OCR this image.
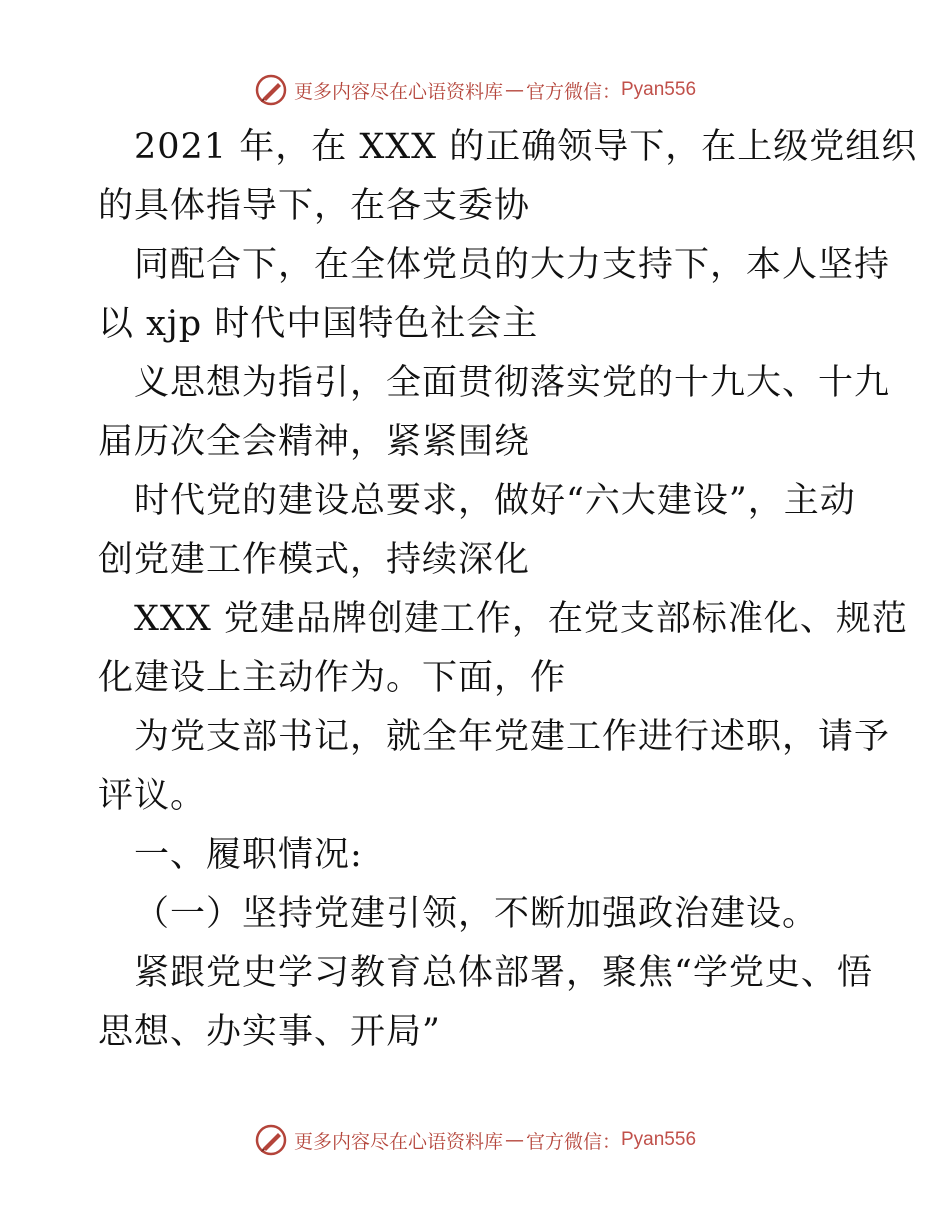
更多内容尽在心语资料库 — 官方微信： Pyan556

2021 年，在 XXX 的正确领导下，在上级党组织
的具体指导下，在各支委协

同配合下，在全体党员的大力支持下，本人坚持
以 xjp 时代中国特色社会主

义思想为指引，全面贯彻落实党的十九大、十九
届历次全会精神，紧紧围绕

时代党的建设总要求，做好“六大建设”，主动
创党建工作模式，持续深化

XXX 党建品牌创建工作，在党支部标准化、规范
化建设上主动作为。下面，作

为党支部书记，就全年党建工作进行述职，请予
评议。

一、履职情况:

（一）坚持党建引领，不断加强政治建设。

紧跟党史学习教育总体部署，聚焦“学党史、悟
思想、办实事、开局”

更多内容尽在心语资料库 — 官方微信： Pyan556
